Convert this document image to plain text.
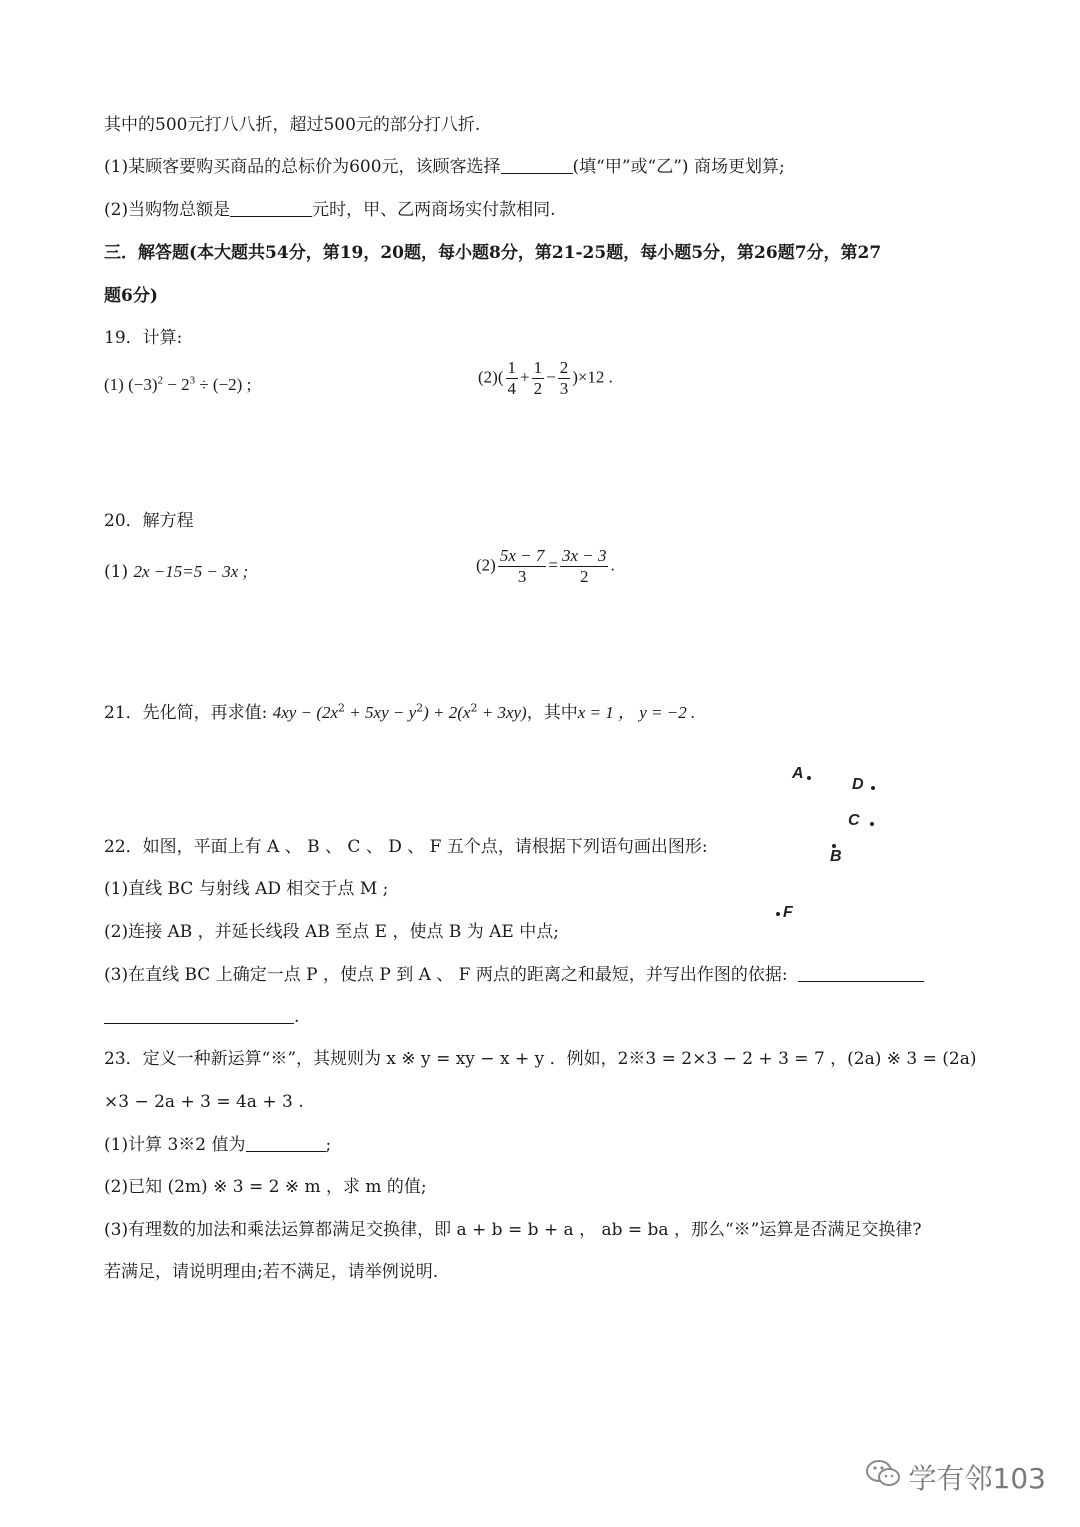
其中的500元打八八折，超过500元的部分打八折.
(1)某顾客要购买商品的总标价为600元，该顾客选择	(填“甲”或“乙”) 商场更划算;
(2)当购物总额是	元时，甲、乙两商场实付款相同.
三．解答题(本大题共54分，第19，20题，每小题8分，第21-25题，每小题5分，第26题7分，第27
题6分)
19．计算:
(1) $(-3)^2 - 2^3 \div (-2)$ ;	$(2)( \frac{1}{4} + \frac{1}{2} - \frac{2}{3} )\times 12$ .
20．解方程
(1) 2x −15=5 − 3x ;	$(2) \frac{5x - 7}{3} = \frac{3x - 3}{2}$ .
21．先化简，再求值: $4xy - (2x^2 + 5xy - y^2) + 2(x^2 + 3xy)$，其中x = 1 ， y = −2 .
A
D
C
B
F
22．如图，平面上有 A 、 B 、 C 、 D 、 F 五个点，请根据下列语句画出图形:
(1)直线 BC 与射线 AD 相交于点 M ;
(2)连接 AB ，并延长线段 AB 至点 E ，使点 B 为 AE 中点;
(3)在直线 BC 上确定一点 P ，使点 P 到 A 、 F 两点的距离之和最短，并写出作图的依据:
.
23．定义一种新运算“※”，其规则为 x ※ y = xy − x + y ．例如，2※3 = 2×3 − 2 + 3 = 7 ，(2a) ※ 3 = (2a)
×3 − 2a + 3 = 4a + 3 .
(1)计算 3※2 值为	;
(2)已知 (2m) ※ 3 = 2 ※ m ，求 m 的值;
(3)有理数的加法和乘法运算都满足交换律，即 a + b = b + a ， ab = ba ，那么“※”运算是否满足交换律?
若满足，请说明理由;若不满足，请举例说明.
学有邻103
